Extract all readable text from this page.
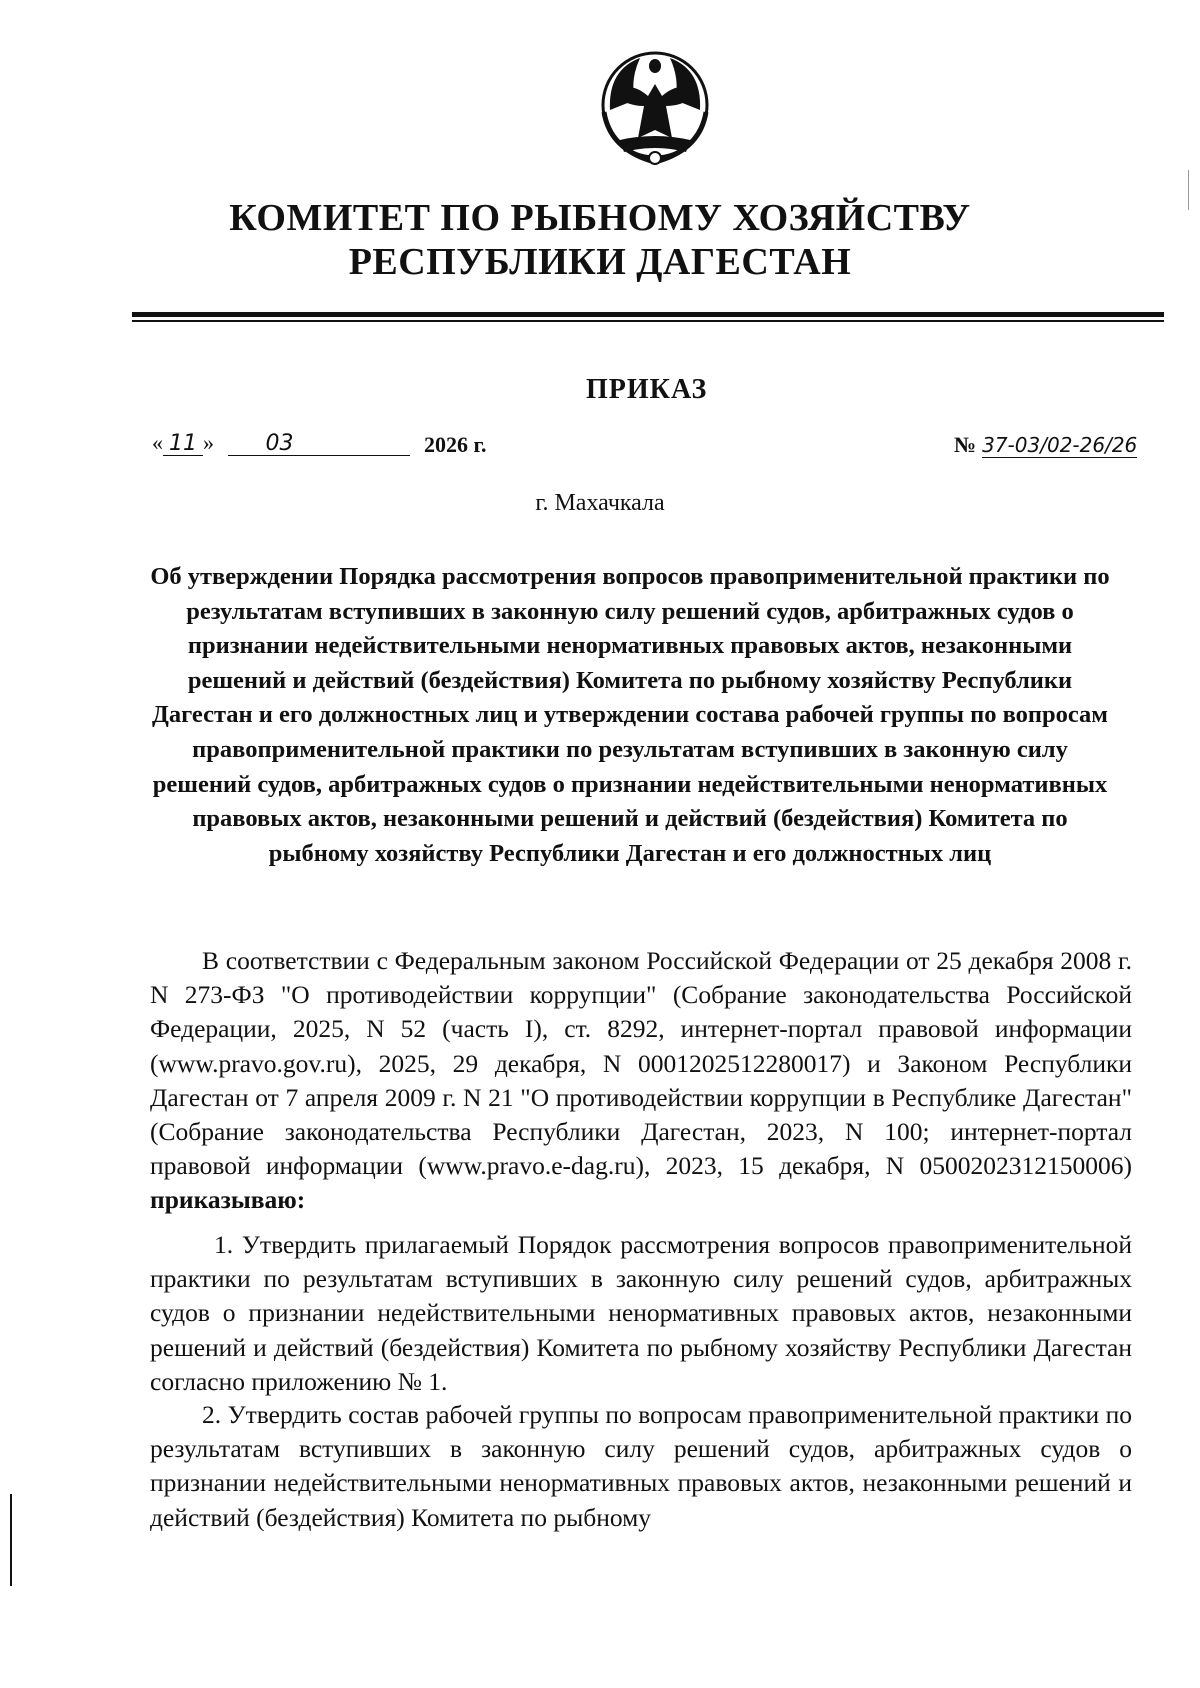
КОМИТЕТ ПО РЫБНОМУ ХОЗЯЙСТВУ
РЕСПУБЛИКИ ДАГЕСТАН
ПРИКАЗ
« 11 » 03	2026 г.	№ 37-03/02-26/26
г. Махачкала
Об утверждении Порядка рассмотрения вопросов правоприменительной практики по результатам вступивших в законную силу решений судов, арбитражных судов о признании недействительными ненормативных правовых актов, незаконными решений и действий (бездействия) Комитета по рыбному хозяйству Республики Дагестан и его должностных лиц и утверждении состава рабочей группы по вопросам правоприменительной практики по результатам вступивших в законную силу решений судов, арбитражных судов о признании недействительными ненормативных правовых актов, незаконными решений и действий (бездействия) Комитета по рыбному хозяйству Республики Дагестан и его должностных лиц
В соответствии с Федеральным законом Российской Федерации от 25 декабря 2008 г. N 273-ФЗ "О противодействии коррупции" (Собрание законодательства Российской Федерации, 2025, N 52 (часть I), ст. 8292, интернет-портал правовой информации (www.pravo.gov.ru), 2025, 29 декабря, N 0001202512280017) и Законом Республики Дагестан от 7 апреля 2009 г. N 21 "О противодействии коррупции в Республике Дагестан" (Собрание законодательства Республики Дагестан, 2023, N 100; интернет-портал правовой информации (www.pravo.e-dag.ru), 2023, 15 декабря, N 0500202312150006) приказываю:
1. Утвердить прилагаемый Порядок рассмотрения вопросов правоприменительной практики по результатам вступивших в законную силу решений судов, арбитражных судов о признании недействительными ненормативных правовых актов, незаконными решений и действий (бездействия) Комитета по рыбному хозяйству Республики Дагестан согласно приложению № 1.
2. Утвердить состав рабочей группы по вопросам правоприменительной практики по результатам вступивших в законную силу решений судов, арбитражных судов о признании недействительными ненормативных правовых актов, незаконными решений и действий (бездействия) Комитета по рыбному
